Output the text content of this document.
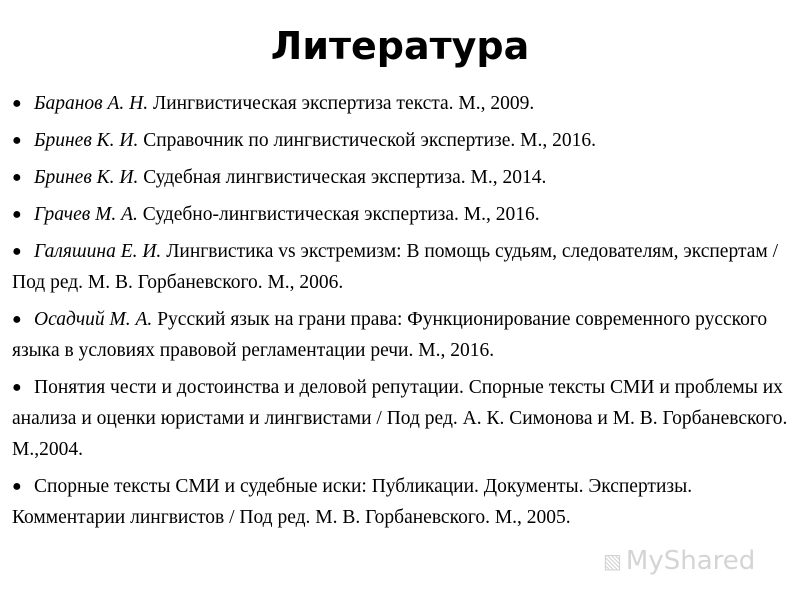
Литература
● Баранов А. Н. Лингвистическая экспертиза текста. М., 2009.
● Бринев К. И. Справочник по лингвистической экспертизе. М., 2016.
● Бринев К. И. Судебная лингвистическая экспертиза. М., 2014.
● Грачев М. А. Судебно-лингвистическая экспертиза. М., 2016.
● Галяшина Е. И. Лингвистика vs экстремизм: В помощь судьям, следователям, экспертам / Под ред. М. В. Горбаневского. М., 2006.
● Осадчий М. А. Русский язык на грани права: Функционирование современного русского языка в условиях правовой регламентации речи. М., 2016.
● Понятия чести и достоинства и деловой репутации. Спорные тексты СМИ и проблемы их анализа и оценки юристами и лингвистами / Под ред. А. К. Симонова и М. В. Горбаневского. М.,2004.
● Спорные тексты СМИ и судебные иски: Публикации. Документы. Экспертизы. Комментарии лингвистов / Под ред. М. В. Горбаневского. М., 2005.
▧ MyShared
